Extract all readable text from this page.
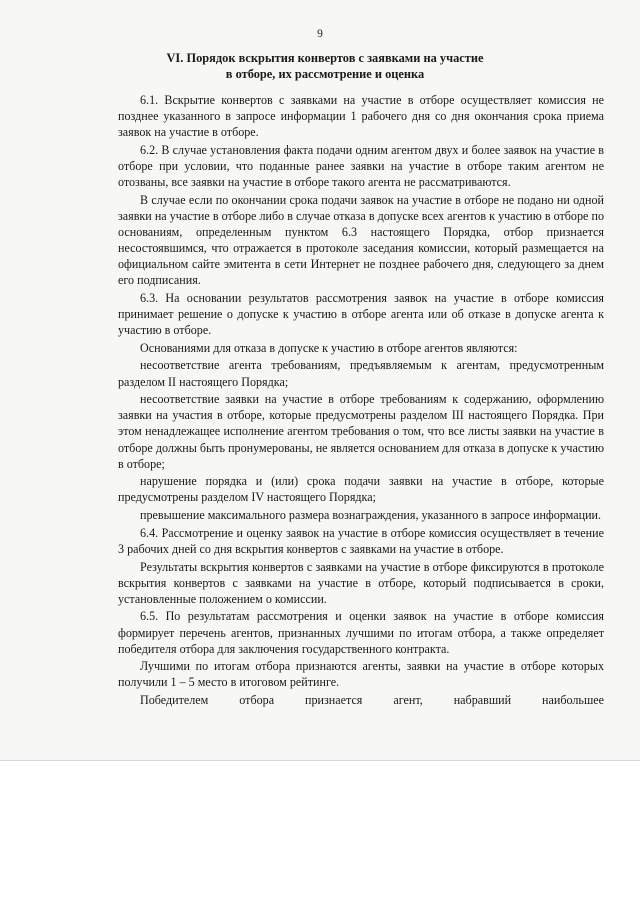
9
VI. Порядок вскрытия конвертов с заявками на участие
в отборе, их рассмотрение и оценка

6.1. Вскрытие конвертов с заявками на участие в отборе осуществляет комиссия не позднее указанного в запросе информации 1 рабочего дня со дня окончания срока приема заявок на участие в отборе.

6.2. В случае установления факта подачи одним агентом двух и более заявок на участие в отборе при условии, что поданные ранее заявки на участие в отборе таким агентом не отозваны, все заявки на участие в отборе такого агента не рассматриваются.

В случае если по окончании срока подачи заявок на участие в отборе не подано ни одной заявки на участие в отборе либо в случае отказа в допуске всех агентов к участию в отборе по основаниям, определенным пунктом 6.3 настоящего Порядка, отбор признается несостоявшимся, что отражается в протоколе заседания комиссии, который размещается на официальном сайте эмитента в сети Интернет не позднее рабочего дня, следующего за днем его подписания.

6.3. На основании результатов рассмотрения заявок на участие в отборе комиссия принимает решение о допуске к участию в отборе агента или об отказе в допуске агента к участию в отборе.

Основаниями для отказа в допуске к участию в отборе агентов являются:

несоответствие агента требованиям, предъявляемым к агентам, предусмотренным разделом II настоящего Порядка;

несоответствие заявки на участие в отборе требованиям к содержанию, оформлению заявки на участия в отборе, которые предусмотрены разделом III настоящего Порядка. При этом ненадлежащее исполнение агентом требования о том, что все листы заявки на участие в отборе должны быть пронумерованы, не является основанием для отказа в допуске к участию в отборе;

нарушение порядка и (или) срока подачи заявки на участие в отборе, которые предусмотрены разделом IV настоящего Порядка;

превышение максимального размера вознаграждения, указанного в запросе информации.

6.4. Рассмотрение и оценку заявок на участие в отборе комиссия осуществляет в течение 3 рабочих дней со дня вскрытия конвертов с заявками на участие в отборе.

Результаты вскрытия конвертов с заявками на участие в отборе фиксируются в протоколе вскрытия конвертов с заявками на участие в отборе, который подписывается в сроки, установленные положением о комиссии.

6.5. По результатам рассмотрения и оценки заявок на участие в отборе комиссия формирует перечень агентов, признанных лучшими по итогам отбора, а также определяет победителя отбора для заключения государственного контракта.

Лучшими по итогам отбора признаются агенты, заявки на участие в отборе которых получили 1 – 5 место в итоговом рейтинге.

Победителем отбора признается агент, набравший наибольшее
